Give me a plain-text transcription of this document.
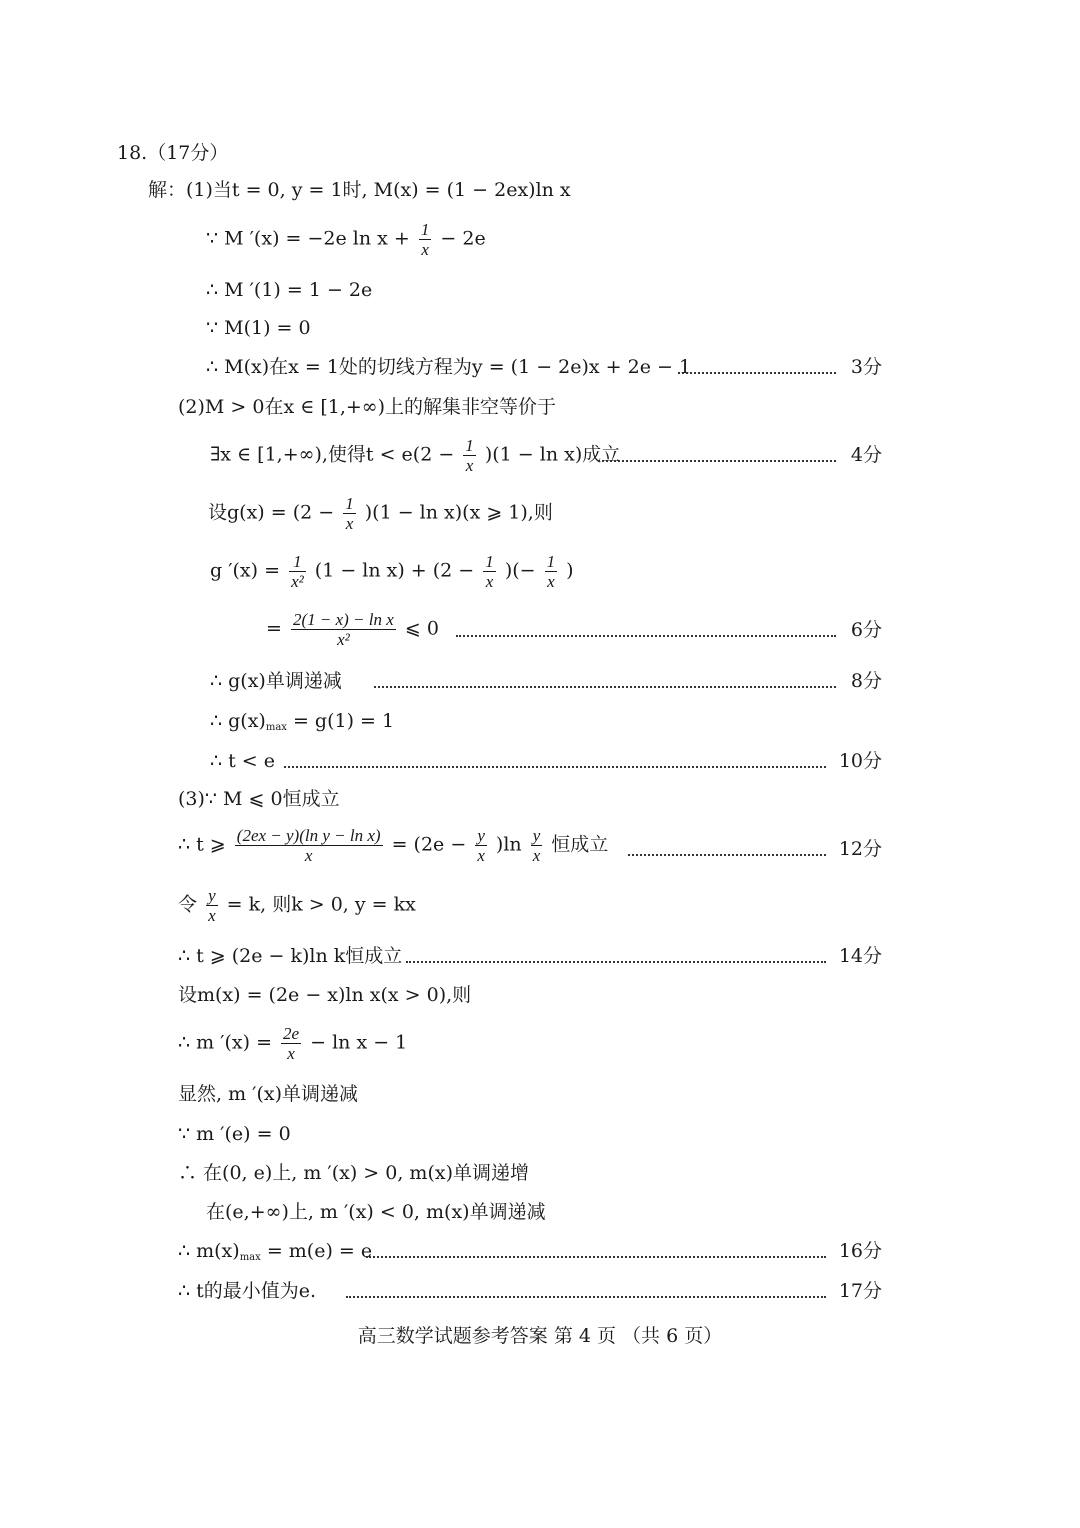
18.（17分）
解：(1)当t = 0, y = 1时, M(x) = (1 − 2ex)ln x
∵ M ′(x) = −2e $\ln x + \frac{1}{x} - 2e$
∴ M ′(1) = 1 − 2e
∵ M(1) = 0
∴ M(x)在x = 1处的切线方程为y = (1 − 2e)x + 2e − 1	3分
(2)M > 0在x ∈ [1,+∞)上的解集非空等价于
∃x ∈ [1,+∞),使得$t < e(2 - \frac{1}{x} )(1 - \ln x)$成立	4分
设$g(x) = (2 - \frac{1}{x} )(1 - \ln x)(x$ ⩾ 1),则
g $'(x) = \frac{1}{\text{x²}} (1 - \ln x) + (2 - \frac{1}{x}$ )(− $\frac{1}{x}$ )
= $\frac{\text{2(1 − x) − ln x}}{\text{x²}}$ ⩽ 0	6分
∴ g(x)单调递减	8分
∴ $g(x)_{max} = g(1) = 1$
∴ t < e	10分
(3)∵ M ⩽ 0恒成立
∴ t ⩾ $\frac{\text{(2ex − y)(ln y − ln x)}}{x} = (2e - \frac{y}{x} )\ln \frac{y}{x}$ 恒成立	12分
令 $\frac{y}{x} = k$, 则k > 0, y = kx
∴ t ⩾ (2e − k)ln k恒成立	14分
设m(x) = (2e − x)ln x(x > 0),则
∴ m $'(x) = \frac{2e}{x} - \ln x - 1$
显然, m ′(x)单调递减
∵ m ′(e) = 0
∴ 在(0, e)上, m ′(x) > 0, m(x)单调递增
在(e,+∞)上, m ′(x) < 0, m(x)单调递减
∴ $m(x)_{max} = m(e) = e$	16分
∴ t的最小值为e.	17分
高三数学试题参考答案 第 4 页 （共 6 页）
